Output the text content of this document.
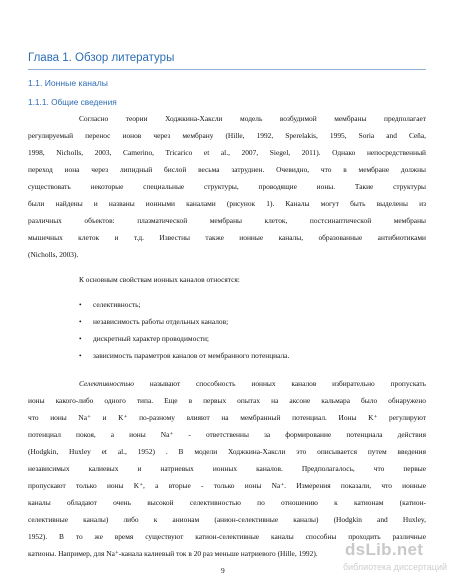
Глава 1. Обзор литературы
1.1. Ионные каналы
1.1.1. Общие сведения
Согласно теории Ходжкина-Хаксли модель возбудимой мембраны предполагает
регулируемый перенос ионов через мембрану (Hille, 1992, Sperelakis, 1995, Soria and Ceña,
1998, Nicholls, 2003, Camerino, Tricarico et al., 2007, Siegel, 2011). Однако непосредственный
переход иона через липидный бислой весьма затруднен. Очевидно, что в мембране должны
существовать некоторые специальные структуры, проводящие ионы. Такие структуры
были найдены и названы ионными каналами (рисунок 1). Каналы могут быть выделены из
различных объектов: плазматической мембраны клеток, постсинаптической мембраны
мышечных клеток и т.д. Известны также ионные каналы, образованные антибиотиками
(Nicholls, 2003).
К основным свойствам ионных каналов относятся:
• селективность;
• независимость работы отдельных каналов;
• дискретный характер проводимости;
• зависимость параметров каналов от мембранного потенциала.
Селективностью называют способность ионных каналов избирательно пропускать
ионы какого-либо одного типа. Еще в первых опытах на аксоне кальмара было обнаружено
что ионы Na⁺ и K⁺ по-разному влияют на мембранный потенциал. Ионы K⁺ регулируют
потенциал покоя, а ионы Na⁺ - ответственны за формирование потенциала действия
(Hodgkin, Huxley et al., 1952) . В модели Ходжкина-Хаксли это описывается путем введения
независимых калиевых и натриевых ионных каналов. Предполагалось, что первые
пропускают только ионы K⁺, а вторые - только ионы Na⁺. Измерения показали, что ионные
каналы обладают очень высокой селективностью по отношению к катионам (катион-
селективные каналы) либо к анионам (анион-селективные каналы) (Hodgkin and Huxley,
1952). В то же время существуют катион-селективные каналы способны проходить различные
9
dsLib.net
библиотека диссертаций
катионы. Например, для Na⁺-канала калиевый ток в 20 раз меньше натриевого (Hille, 1992).
